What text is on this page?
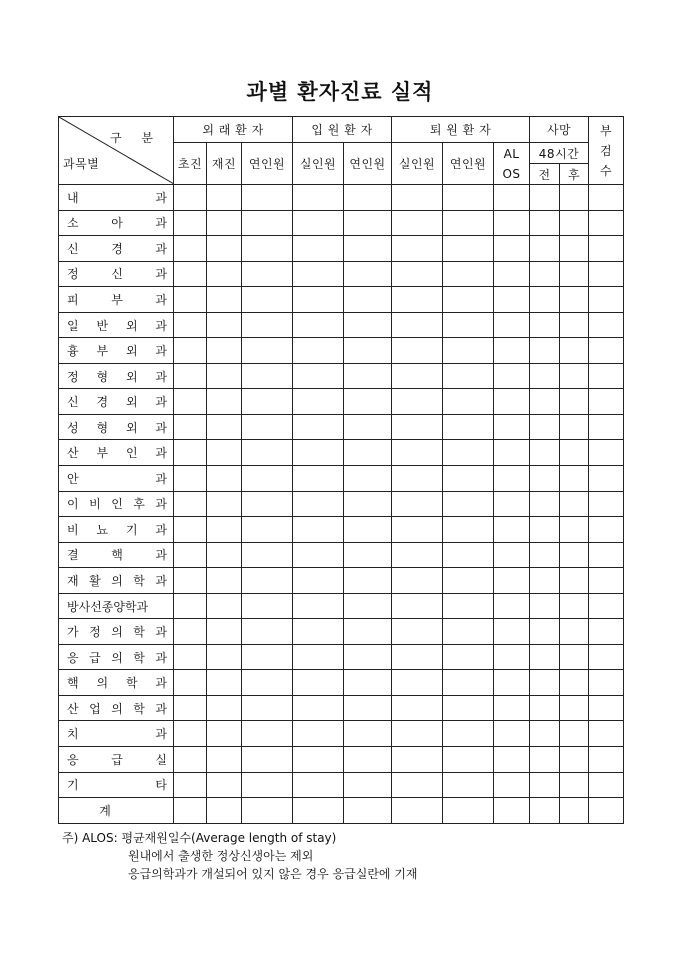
과별 환자진료 실적
구 분
과목별	외 래 환 자			입 원 환 자		퇴 원 환 자			사망		부검수
	초진	재진	연인원	실인원	연인원	실인원	연인원	ALOS	48시간		
									전	후	

내 과											

소 아 과											

신 경 과											

정 신 과											

피 부 과											

일 반 외 과											

흉 부 외 과											

정 형 외 과											

신 경 외 과											

성 형 외 과											

산 부 인 과											

안 과											

이 비 인 후 과											

비 뇨 기 과											

결 핵 과											

재 활 의 학 과											

방사선종양학과											

가 정 의 학 과											

응 급 의 학 과											

핵 의 학 과											

산 업 의 학 과											

치 과											

응 급 실											

기 타											

계											
주) ALOS: 평균재원일수(Average length of stay)
원내에서 출생한 정상신생아는 제외
응급의학과가 개설되어 있지 않은 경우 응급실란에 기재
